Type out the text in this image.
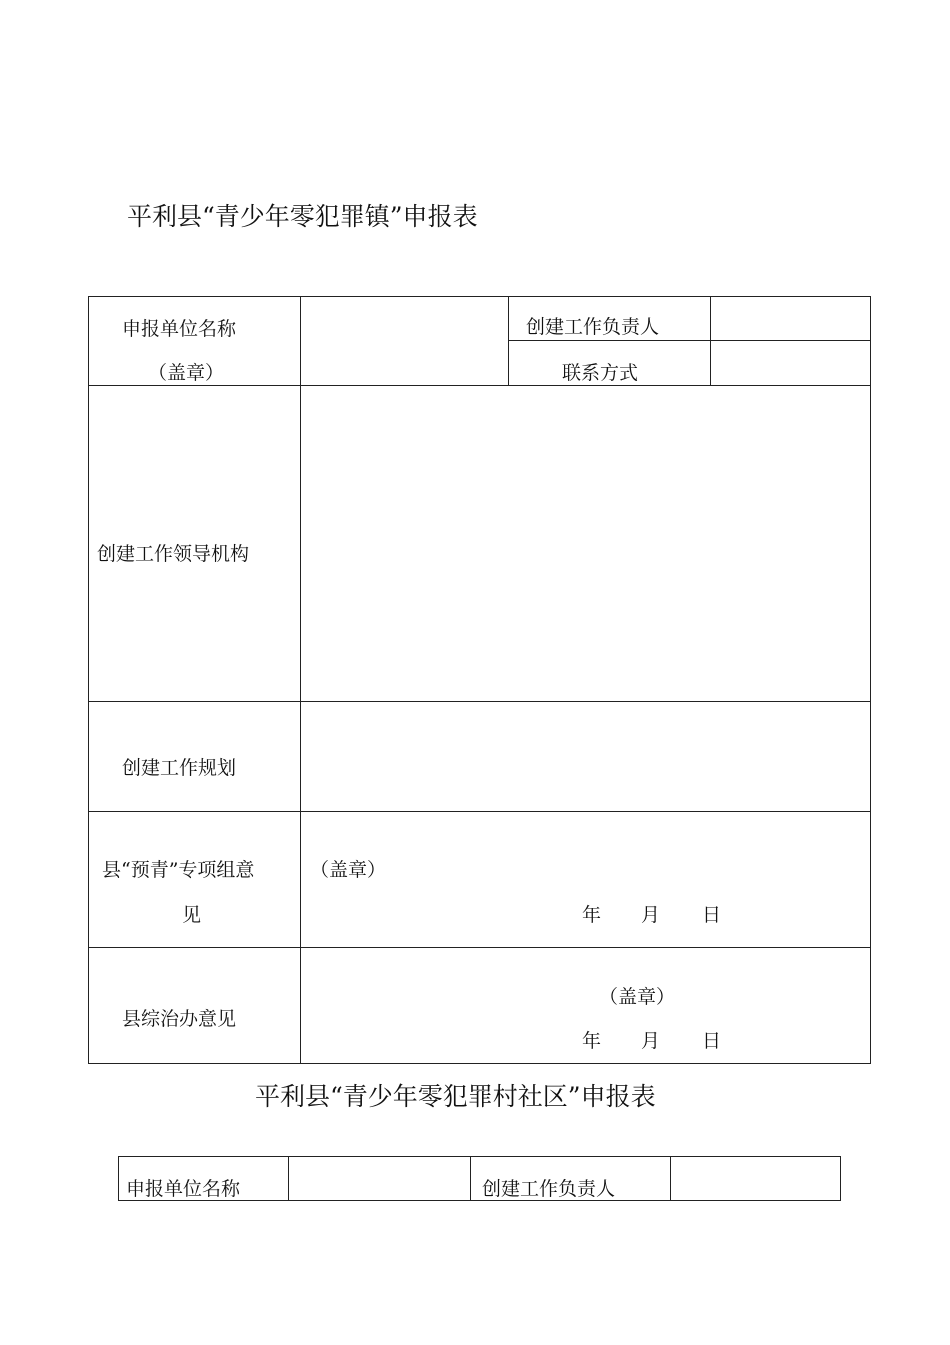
平利县“青少年零犯罪镇”申报表
申报单位名称
（盖章）
创建工作负责人
联系方式
创建工作领导机构
创建工作规划
县“预青”专项组意
见
（盖章）
年 月 日
县综治办意见
（盖章）
年 月 日
平利县“青少年零犯罪村社区”申报表
申报单位名称	创建工作负责人
